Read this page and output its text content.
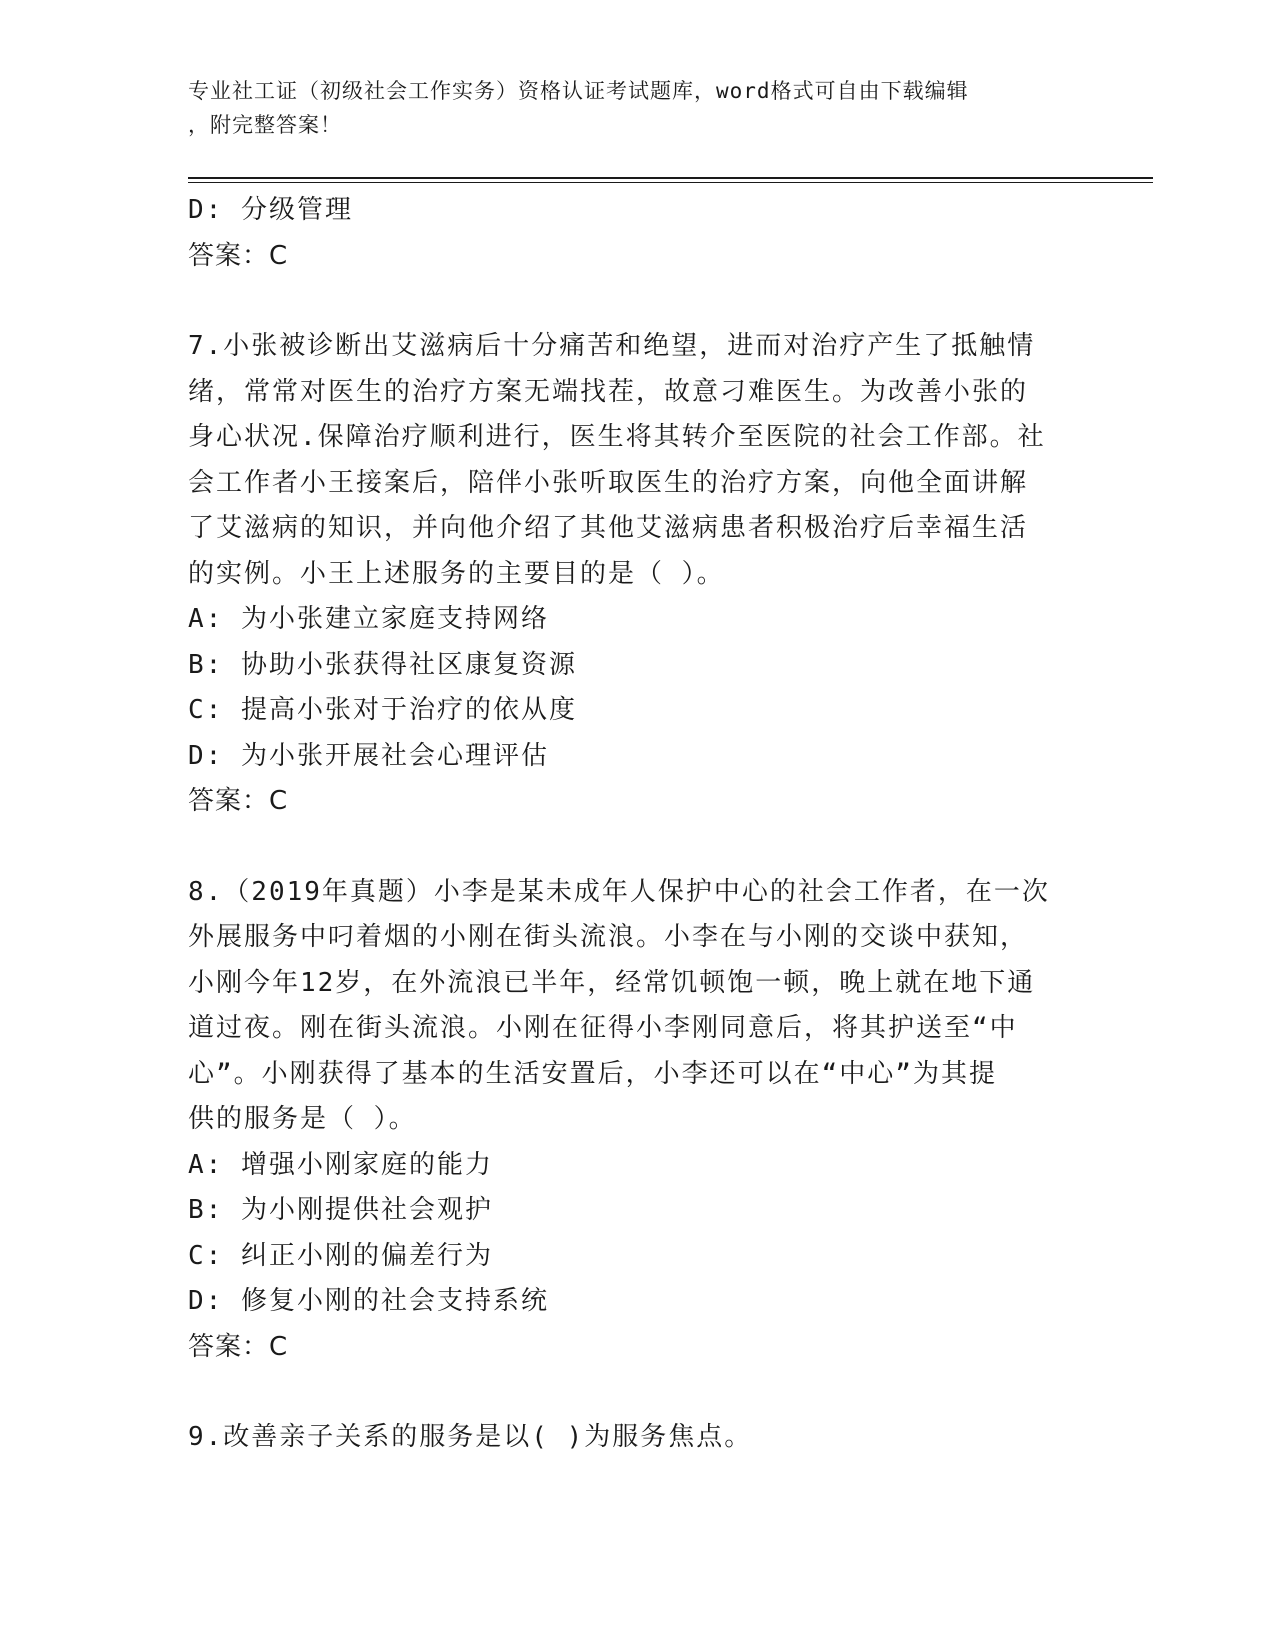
专业社工证（初级社会工作实务）资格认证考试题库，word格式可自由下载编辑
，附完整答案！
D: 分级管理
答案：C
7.小张被诊断出艾滋病后十分痛苦和绝望，进而对治疗产生了抵触情
绪，常常对医生的治疗方案无端找茬，故意刁难医生。为改善小张的
身心状况.保障治疗顺利进行，医生将其转介至医院的社会工作部。社
会工作者小王接案后，陪伴小张听取医生的治疗方案，向他全面讲解
了艾滋病的知识，并向他介绍了其他艾滋病患者积极治疗后幸福生活
的实例。小王上述服务的主要目的是（ ）。
A: 为小张建立家庭支持网络
B: 协助小张获得社区康复资源
C: 提高小张对于治疗的依从度
D: 为小张开展社会心理评估
答案：C
8.（2019年真题）小李是某未成年人保护中心的社会工作者，在一次
外展服务中叼着烟的小刚在街头流浪。小李在与小刚的交谈中获知，
小刚今年12岁，在外流浪已半年，经常饥顿饱一顿，晚上就在地下通
道过夜。刚在街头流浪。小刚在征得小李刚同意后，将其护送至“中
心”。小刚获得了基本的生活安置后，小李还可以在“中心”为其提
供的服务是（ ）。
A: 增强小刚家庭的能力
B: 为小刚提供社会观护
C: 纠正小刚的偏差行为
D: 修复小刚的社会支持系统
答案：C
9.改善亲子关系的服务是以( )为服务焦点。
